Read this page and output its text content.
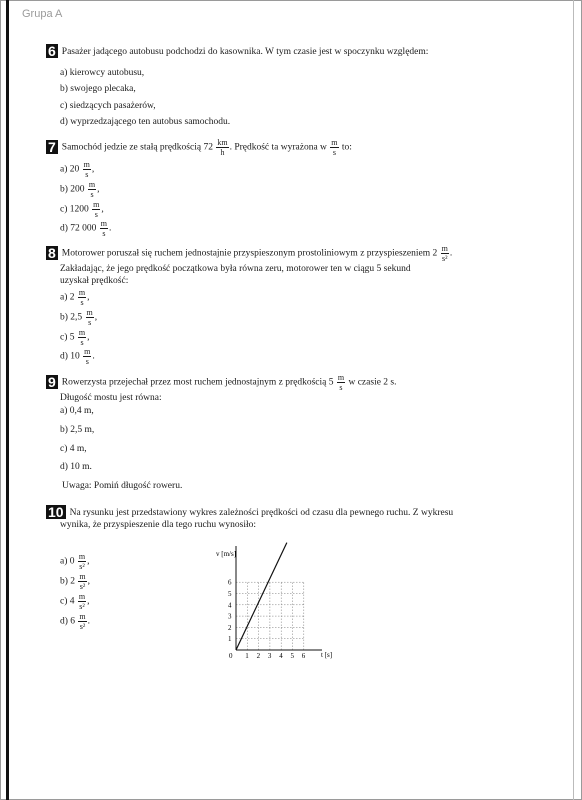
Grupa A
6 Pasażer jadącego autobusu podchodzi do kasownika. W tym czasie jest w spoczynku względem:
a) kierowcy autobusu,
b) swojego plecaka,
c) siedzących pasażerów,
d) wyprzedzającego ten autobus samochodu.
7 Samochód jedzie ze stałą prędkością $72 \frac{km}{h}$ . Prędkość ta wyrażona w $\frac{m}{s}$ to:
a) $20 \frac{m}{s}$ ,
b) $200 \frac{m}{s}$ ,
c) $1200 \frac{m}{s}$ ,
d) 72 $000 \frac{m}{s}$ .
8 Motorower poruszał się ruchem jednostajnie przyspieszonym prostoliniowym z przyspieszeniem $2 \frac{m}{\text{s²}}$ .
Zakładając, że jego prędkość początkowa była równa zeru, motorower ten w ciągu 5 sekund
uzyskał prędkość:
a) $2 \frac{m}{s}$ ,
b) $2,5 \frac{m}{s}$ ,
c) $5 \frac{m}{s}$ ,
d) $10 \frac{m}{s}$ .
9 Rowerzysta przejechał przez most ruchem jednostajnym z prędkością $5 \frac{m}{s}$ w czasie 2 s.
Długość mostu jest równa:
a) 0,4 m,
b) 2,5 m,
c) 4 m,
d) 10 m.
Uwaga: Pomiń długość roweru.
10 Na rysunku jest przedstawiony wykres zależności prędkości od czasu dla pewnego ruchu. Z wykresu
wynika, że przyspieszenie dla tego ruchu wynosiło:
a) $0 \frac{m}{\text{s²}}$ ,
b) $2 \frac{m}{\text{s²}}$ ,
c) $4 \frac{m}{\text{s²}}$ ,
d) $6 \frac{m}{\text{s²}}$ .
1 2 3 4 5 6
1
2
3
4
5
6
v [m/s]
t [s]
0
